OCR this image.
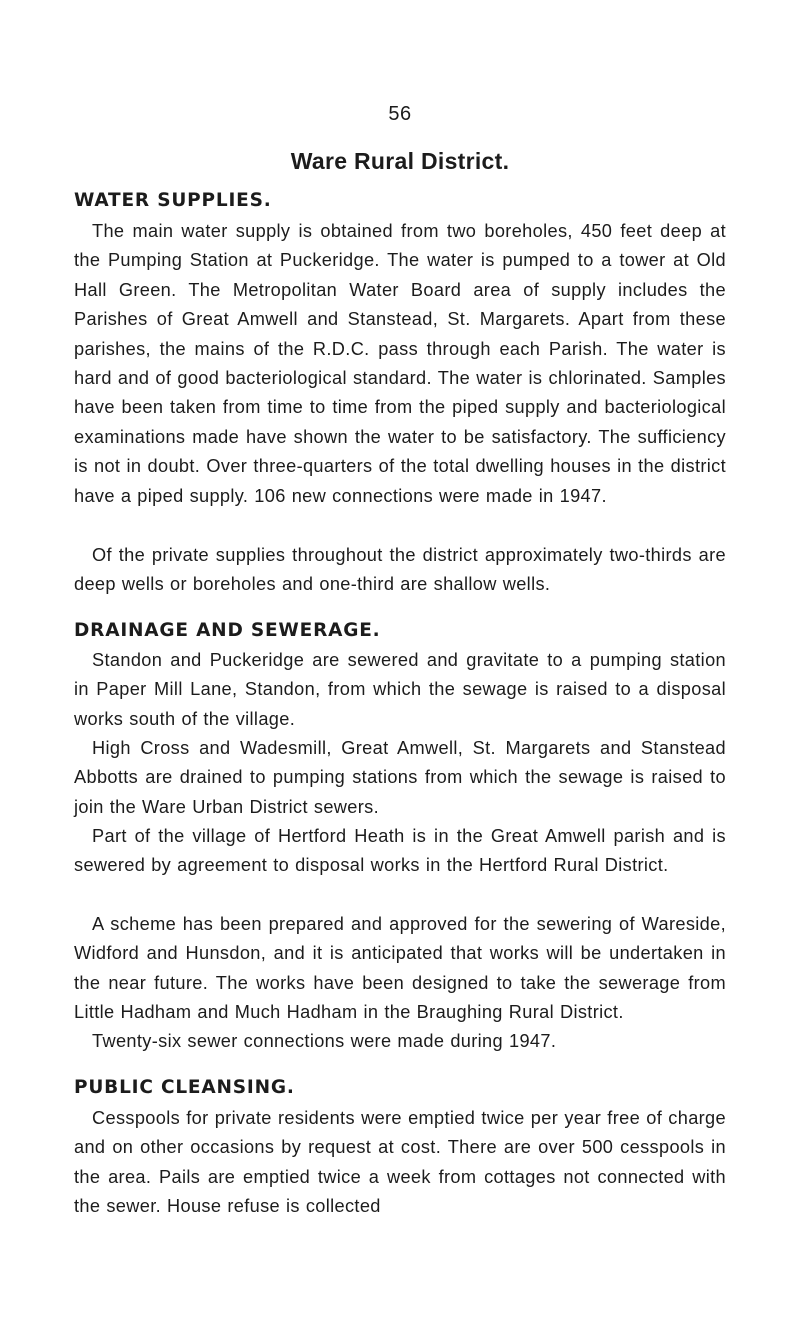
56
Ware Rural District.
WATER SUPPLIES.
The main water supply is obtained from two boreholes, 450 feet deep at the Pumping Station at Puckeridge. The water is pumped to a tower at Old Hall Green. The Metropolitan Water Board area of supply includes the Parishes of Great Amwell and Stanstead, St. Margarets. Apart from these parishes, the mains of the R.D.C. pass through each Parish. The water is hard and of good bacteriological standard. The water is chlorinated. Samples have been taken from time to time from the piped supply and bacteriological examinations made have shown the water to be satisfactory. The sufficiency is not in doubt. Over three-quarters of the total dwelling houses in the district have a piped supply. 106 new connections were made in 1947.
Of the private supplies throughout the district approximately two-thirds are deep wells or boreholes and one-third are shallow wells.
DRAINAGE AND SEWERAGE.
Standon and Puckeridge are sewered and gravitate to a pumping station in Paper Mill Lane, Standon, from which the sewage is raised to a disposal works south of the village.
High Cross and Wadesmill, Great Amwell, St. Margarets and Stanstead Abbotts are drained to pumping stations from which the sewage is raised to join the Ware Urban District sewers.
Part of the village of Hertford Heath is in the Great Amwell parish and is sewered by agreement to disposal works in the Hertford Rural District.
A scheme has been prepared and approved for the sewering of Wareside, Widford and Hunsdon, and it is anticipated that works will be undertaken in the near future. The works have been designed to take the sewerage from Little Hadham and Much Hadham in the Braughing Rural District.
Twenty-six sewer connections were made during 1947.
PUBLIC CLEANSING.
Cesspools for private residents were emptied twice per year free of charge and on other occasions by request at cost. There are over 500 cesspools in the area. Pails are emptied twice a week from cottages not connected with the sewer. House refuse is collected
